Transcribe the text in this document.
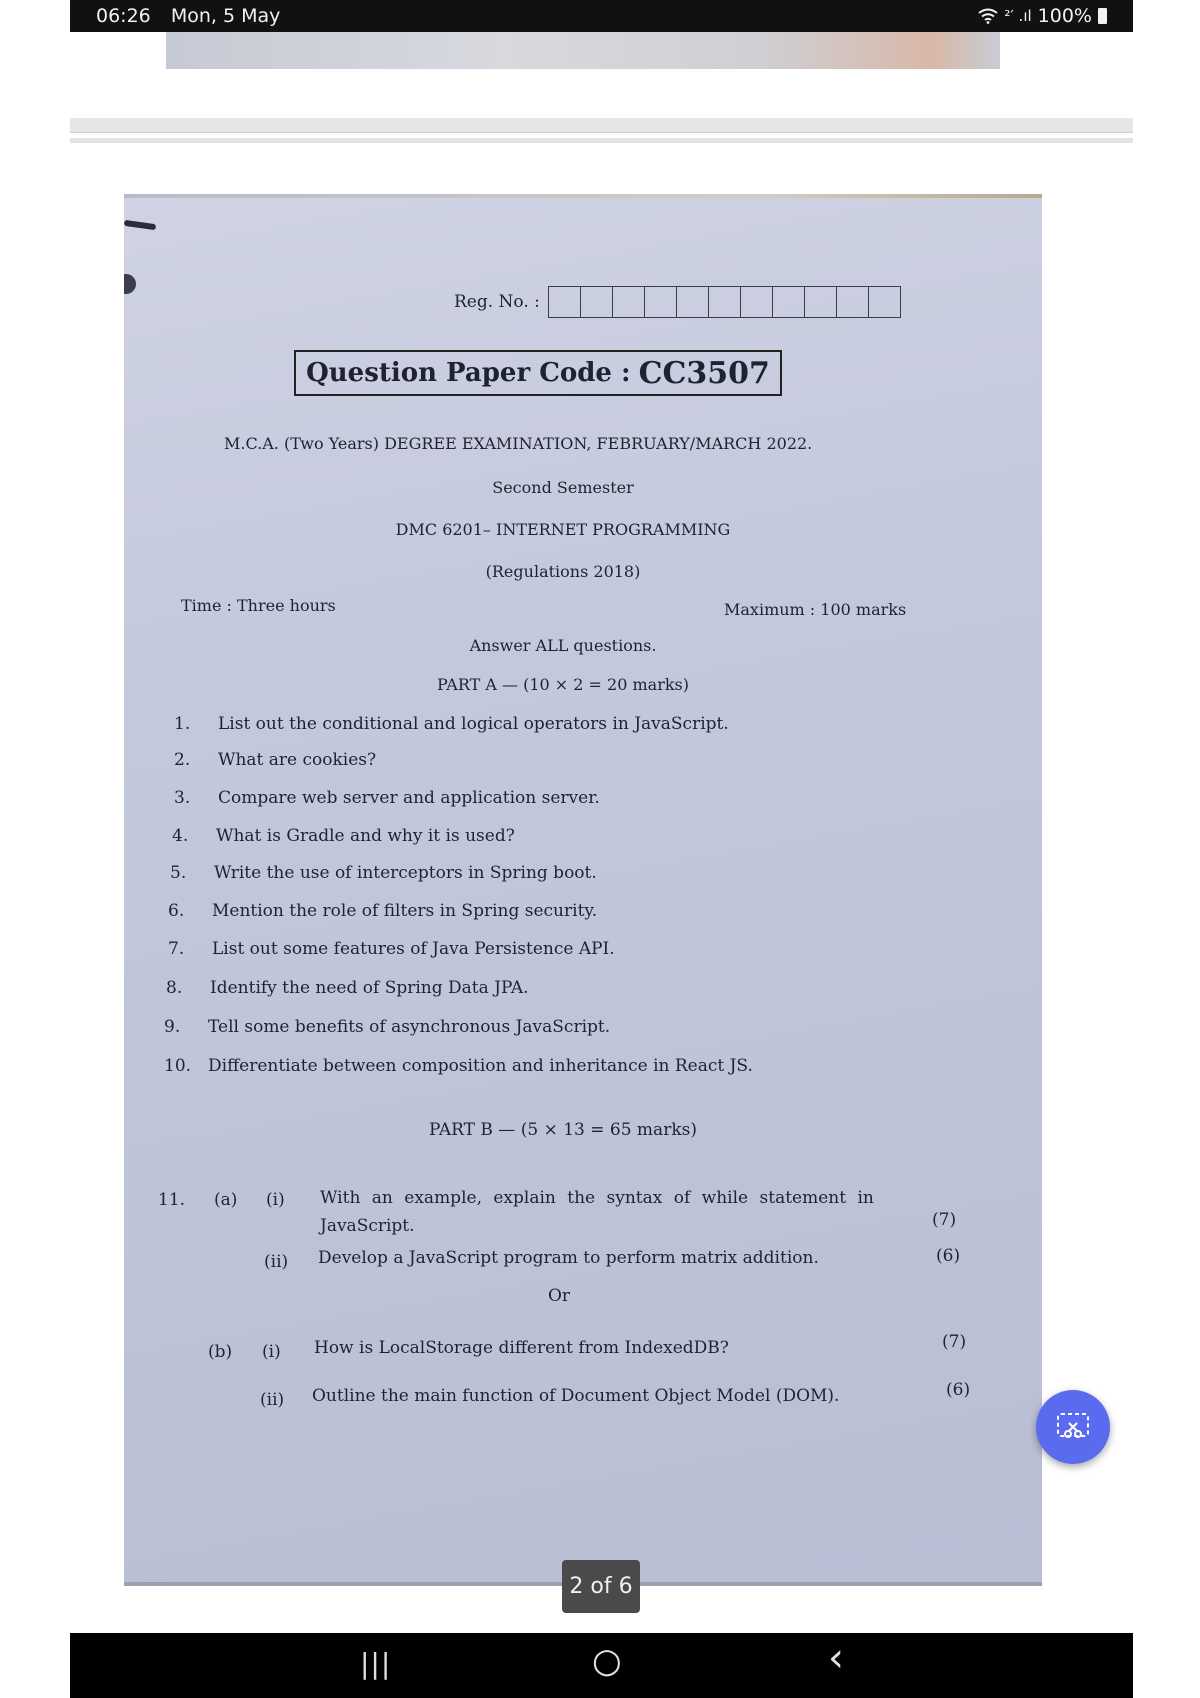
06:26 Mon, 5 May	²′ .ıl 100%
Reg. No. :
Question Paper Code : CC3507
M.C.A. (Two Years) DEGREE EXAMINATION, FEBRUARY/MARCH 2022.
Second Semester
DMC 6201– INTERNET PROGRAMMING
(Regulations 2018)
Time : Three hours	Maximum : 100 marks
Answer ALL questions.
PART A — (10 × 2 = 20 marks)
1. List out the conditional and logical operators in JavaScript.
2. What are cookies?
3. Compare web server and application server.
4. What is Gradle and why it is used?
5. Write the use of interceptors in Spring boot.
6. Mention the role of filters in Spring security.
7. List out some features of Java Persistence API.
8. Identify the need of Spring Data JPA.
9. Tell some benefits of asynchronous JavaScript.
10. Differentiate between composition and inheritance in React JS.
PART B — (5 × 13 = 65 marks)
11. (a) (i) With an example, explain the syntax of while statement in
JavaScript.	(7)
(ii) Develop a JavaScript program to perform matrix addition.	(6)
Or
(b) (i) How is LocalStorage different from IndexedDB?	(7)
(ii) Outline the main function of Document Object Model (DOM).	(6)
2 of 6
|||	○	‹
